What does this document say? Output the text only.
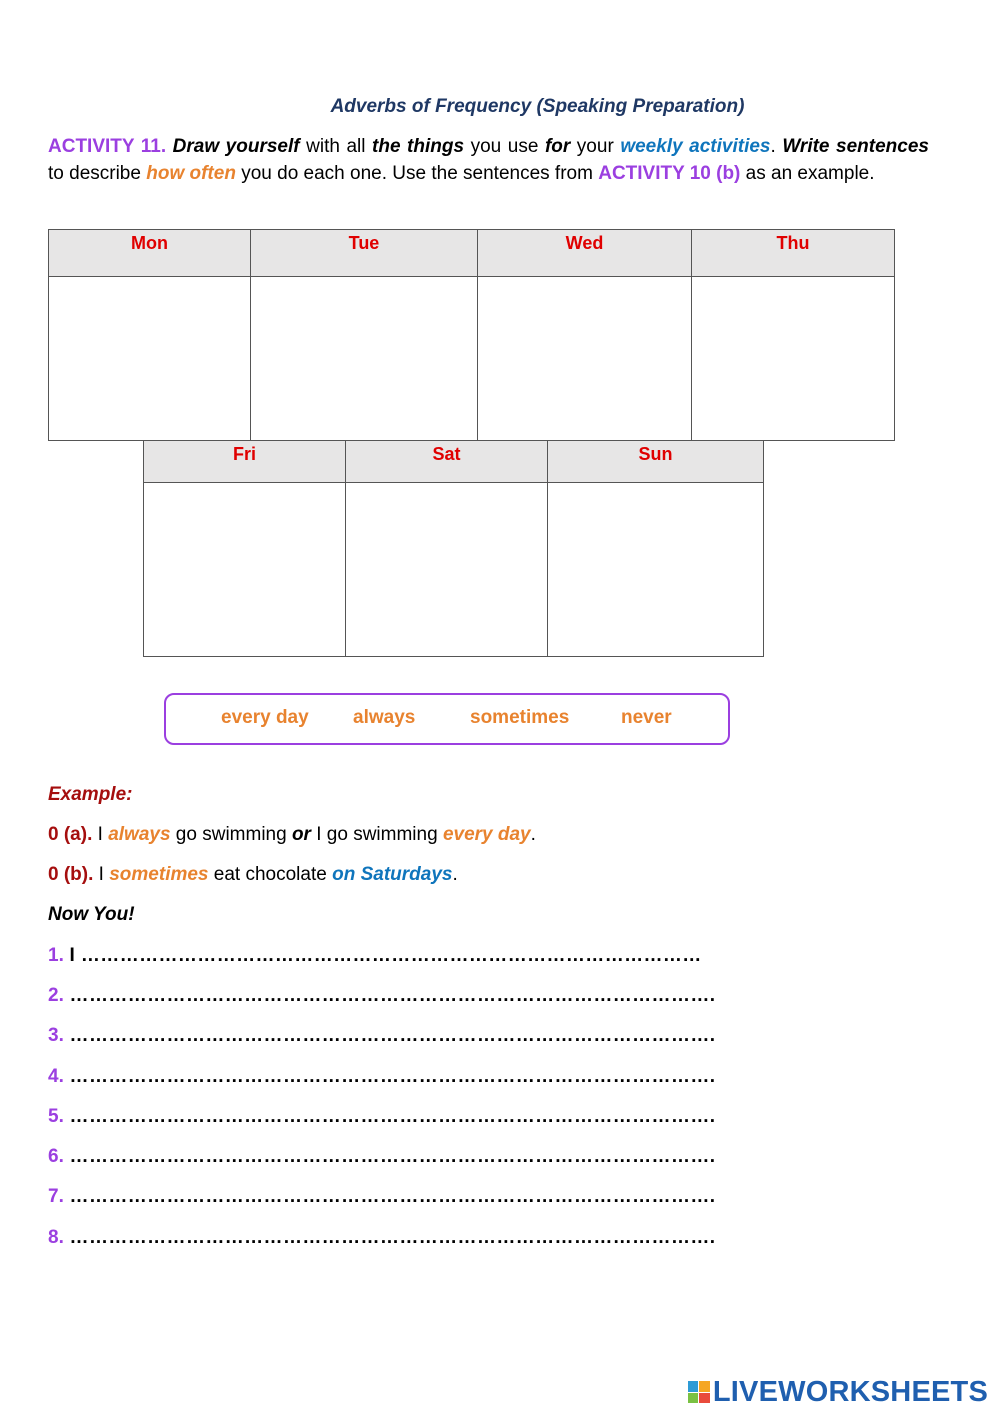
Adverbs of Frequency (Speaking Preparation)
ACTIVITY 11. Draw yourself with all the things you use for your weekly activities. Write sentences to describe how often you do each one. Use the sentences from ACTIVITY 10 (b) as an example.
Mon	Tue	Wed	Thu

Fri	Sat	Sun

every day always	sometimes	never
Example:
0 (a). I always go swimming or I go swimming every day.
0 (b). I sometimes eat chocolate on Saturdays.
Now You!
1. I ……………………………………………………………………………………
2. ……………………………………………………………………………………….
3. ……………………………………………………………………………………….
4. ……………………………………………………………………………………….
5. ……………………………………………………………………………………….
6. ……………………………………………………………………………………….
7. ……………………………………………………………………………………….
8. ……………………………………………………………………………………….
LIVEWORKSHEETS
